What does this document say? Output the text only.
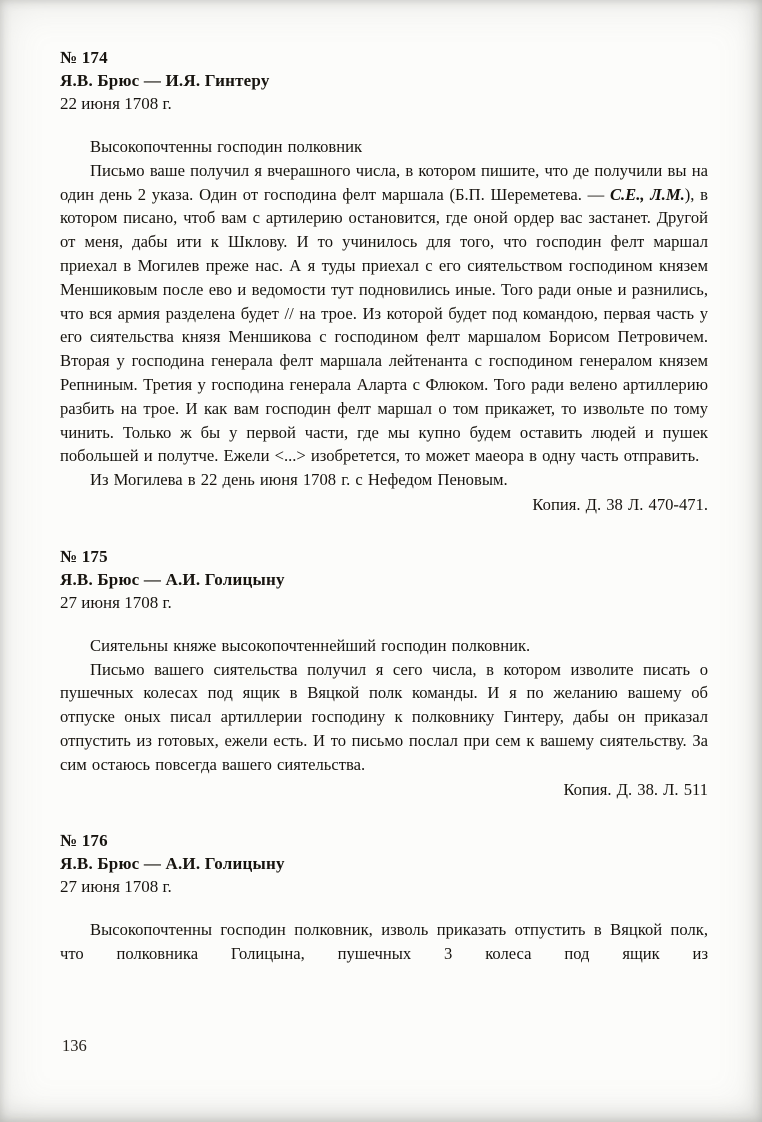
№ 174
Я.В. Брюс — И.Я. Гинтеру
22 июня 1708 г.

Высокопочтенны господин полковник

Письмо ваше получил я вчерашного числа, в котором пишите, что де получили вы на один день 2 указа. Один от господина фелт маршала (Б.П. Шереметева. — С.Е., Л.М.), в котором писано, чтоб вам с артилерию остановится, где оной ордер вас застанет. Другой от меня, дабы ити к Шклову. И то учинилось для того, что господин фелт маршал приехал в Могилев преже нас. А я туды приехал с его сиятельством господином князем Меншиковым после ево и ведомости тут подновились иные. Того ради оные и разнились, что вся армия разделена будет // на трое. Из которой будет под командою, первая часть у его сиятельства князя Меншикова с господином фелт маршалом Борисом Петровичем. Вторая у господина генерала фелт маршала лейтенанта с господином генералом князем Репниным. Третия у господина генерала Аларта с Флюком. Того ради велено артиллерию разбить на трое. И как вам господин фелт маршал о том прикажет, то извольте по тому чинить. Только ж бы у первой части, где мы купно будем оставить людей и пушек побольшей и полутче. Ежели <...> изобретется, то может маеора в одну часть отправить.

Из Могилева в 22 день июня 1708 г. с Нефедом Пеновым.

Копия. Д. 38 Л. 470-471.

№ 175
Я.В. Брюс — А.И. Голицыну
27 июня 1708 г.

Сиятельны княже высокопочтеннейший господин полковник.

Письмо вашего сиятельства получил я сего числа, в котором изволите писать о пушечных колесах под ящик в Вяцкой полк команды. И я по желанию вашему об отпуске оных писал артиллерии господину к полковнику Гинтеру, дабы он приказал отпустить из готовых, ежели есть. И то письмо послал при сем к вашему сиятельству. За сим остаюсь повсегда вашего сиятельства.

Копия. Д. 38. Л. 511

№ 176
Я.В. Брюс — А.И. Голицыну
27 июня 1708 г.

Высокопочтенны господин полковник, изволь приказать отпустить в Вяцкой полк, что полковника Голицына, пушечных 3 колеса под ящик из

136
